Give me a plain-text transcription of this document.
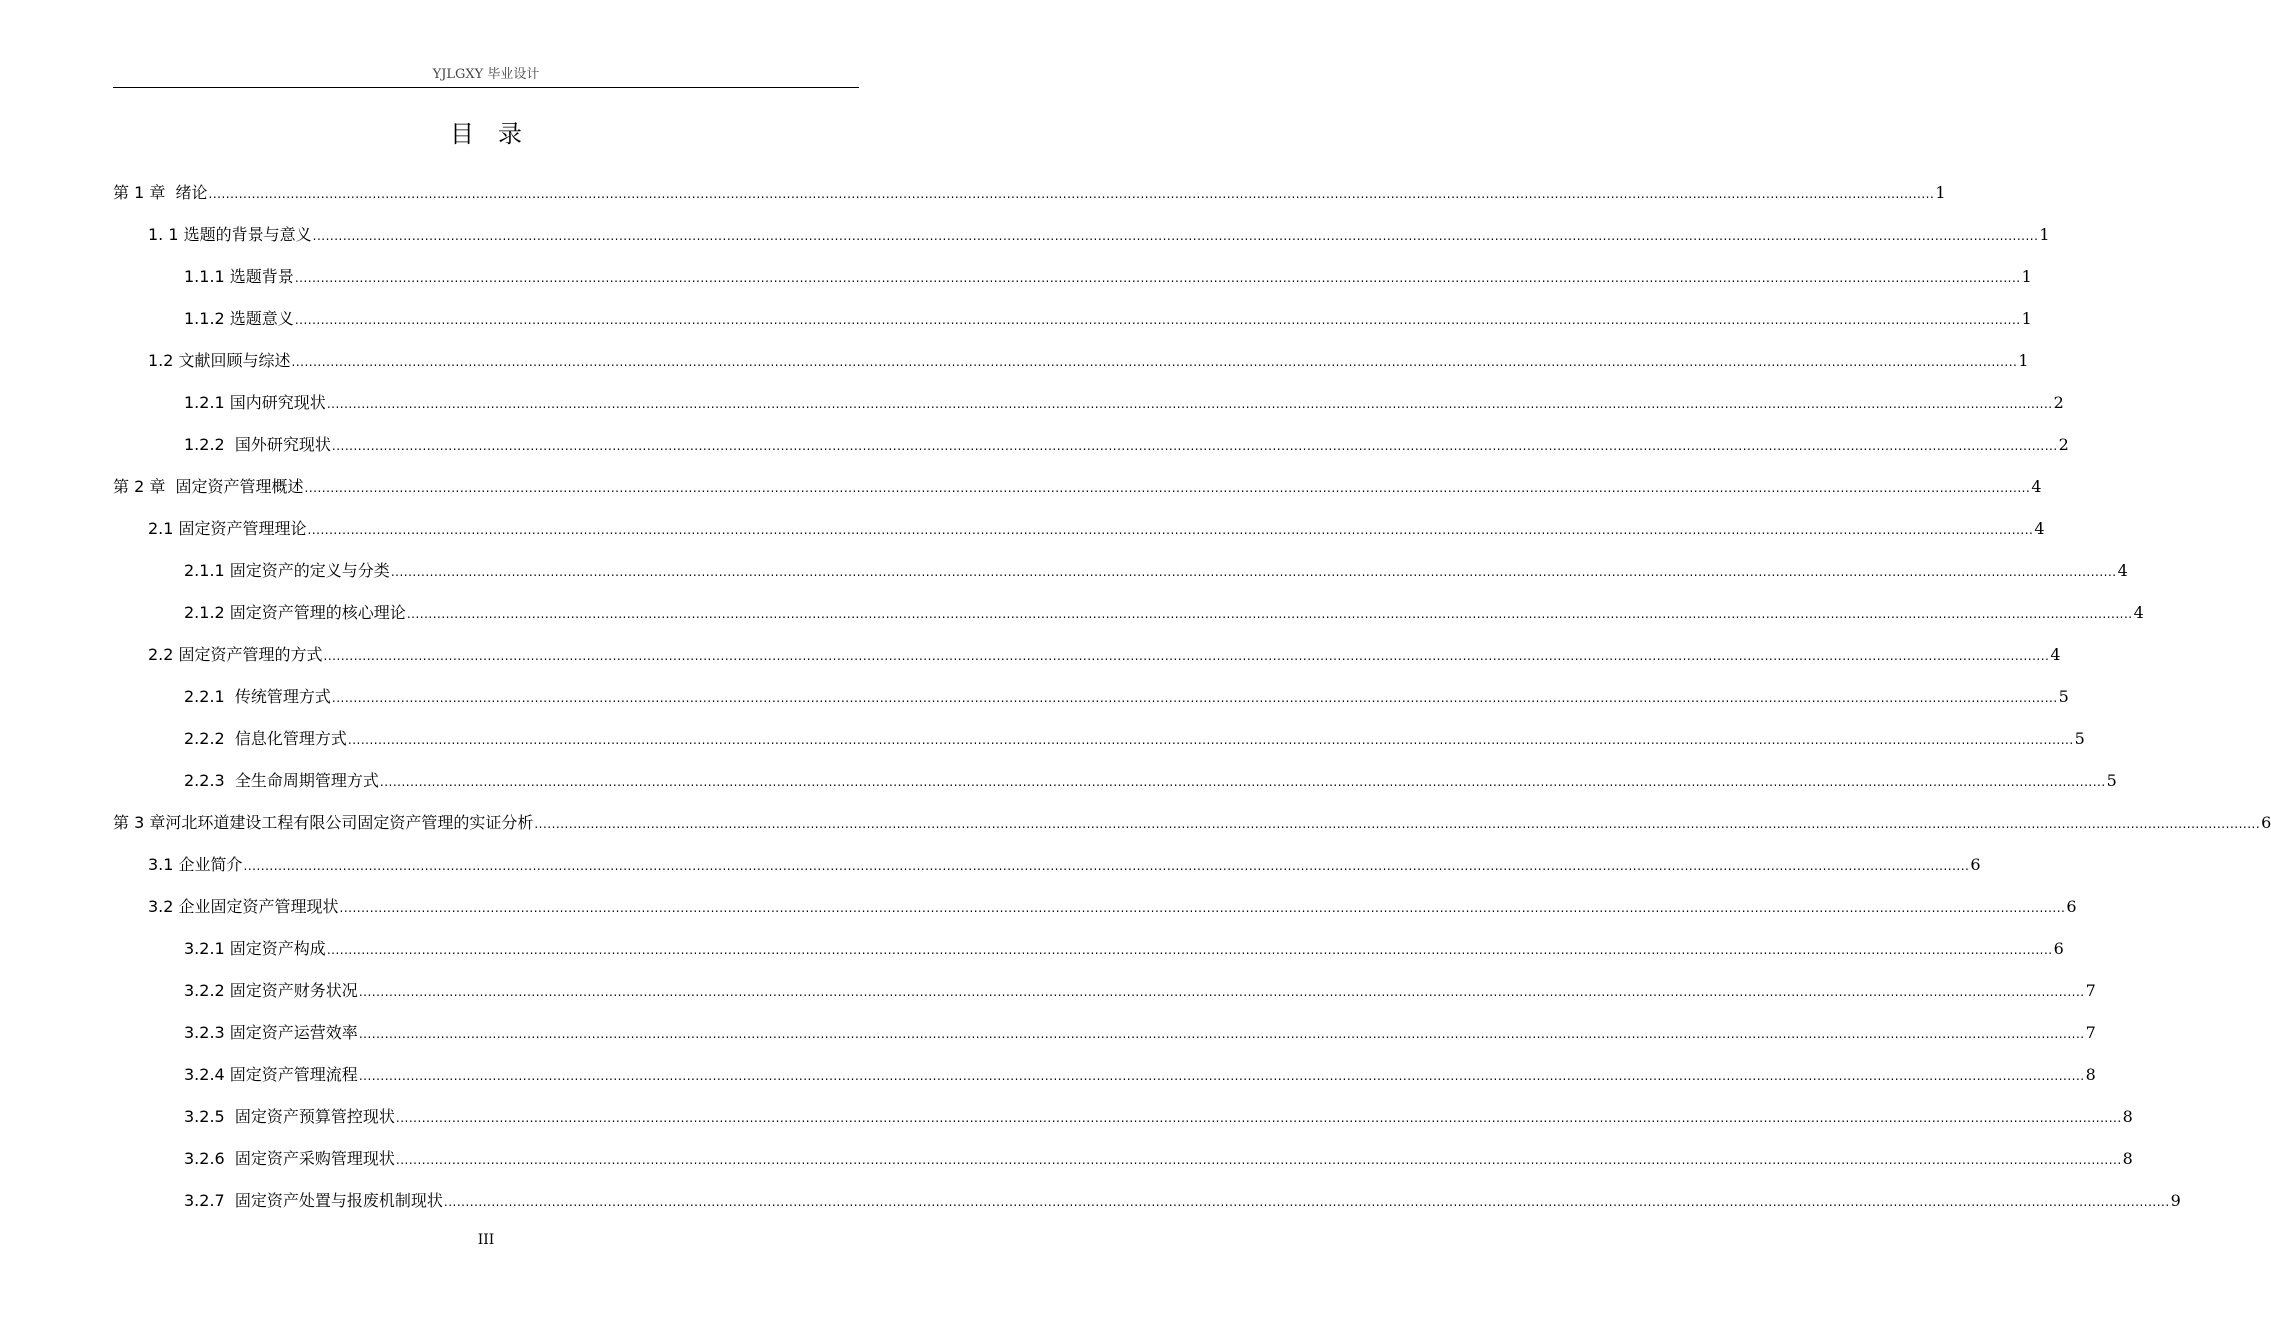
YJLGXY 毕业设计
目录
第 1 章  绪论 ................................................................................................................................................................................................................................................................................................................................................................................................................ 1
1. 1 选题的背景与意义 ................................................................................................................................................................................................................................................................................................................................................................................................................ 1
1.1.1 选题背景 ................................................................................................................................................................................................................................................................................................................................................................................................................ 1
1.1.2 选题意义 ................................................................................................................................................................................................................................................................................................................................................................................................................ 1
1.2 文献回顾与综述 ................................................................................................................................................................................................................................................................................................................................................................................................................ 1
1.2.1 国内研究现状 ................................................................................................................................................................................................................................................................................................................................................................................................................ 2
1.2.2  国外研究现状 ................................................................................................................................................................................................................................................................................................................................................................................................................ 2
第 2 章  固定资产管理概述 ................................................................................................................................................................................................................................................................................................................................................................................................................ 4
2.1 固定资产管理理论 ................................................................................................................................................................................................................................................................................................................................................................................................................ 4
2.1.1 固定资产的定义与分类 ................................................................................................................................................................................................................................................................................................................................................................................................................ 4
2.1.2 固定资产管理的核心理论 ................................................................................................................................................................................................................................................................................................................................................................................................................ 4
2.2 固定资产管理的方式 ................................................................................................................................................................................................................................................................................................................................................................................................................ 4
2.2.1  传统管理方式 ................................................................................................................................................................................................................................................................................................................................................................................................................ 5
2.2.2  信息化管理方式 ................................................................................................................................................................................................................................................................................................................................................................................................................ 5
2.2.3  全生命周期管理方式 ................................................................................................................................................................................................................................................................................................................................................................................................................ 5
第 3 章河北环道建设工程有限公司固定资产管理的实证分析 ................................................................................................................................................................................................................................................................................................................................................................................................................ 6
3.1 企业简介 ................................................................................................................................................................................................................................................................................................................................................................................................................ 6
3.2 企业固定资产管理现状 ................................................................................................................................................................................................................................................................................................................................................................................................................ 6
3.2.1 固定资产构成 ................................................................................................................................................................................................................................................................................................................................................................................................................ 6
3.2.2 固定资产财务状况 ................................................................................................................................................................................................................................................................................................................................................................................................................ 7
3.2.3 固定资产运营效率 ................................................................................................................................................................................................................................................................................................................................................................................................................ 7
3.2.4 固定资产管理流程 ................................................................................................................................................................................................................................................................................................................................................................................................................ 8
3.2.5  固定资产预算管控现状 ................................................................................................................................................................................................................................................................................................................................................................................................................ 8
3.2.6  固定资产采购管理现状 ................................................................................................................................................................................................................................................................................................................................................................................................................ 8
3.2.7  固定资产处置与报废机制现状 ................................................................................................................................................................................................................................................................................................................................................................................................................ 9
III
